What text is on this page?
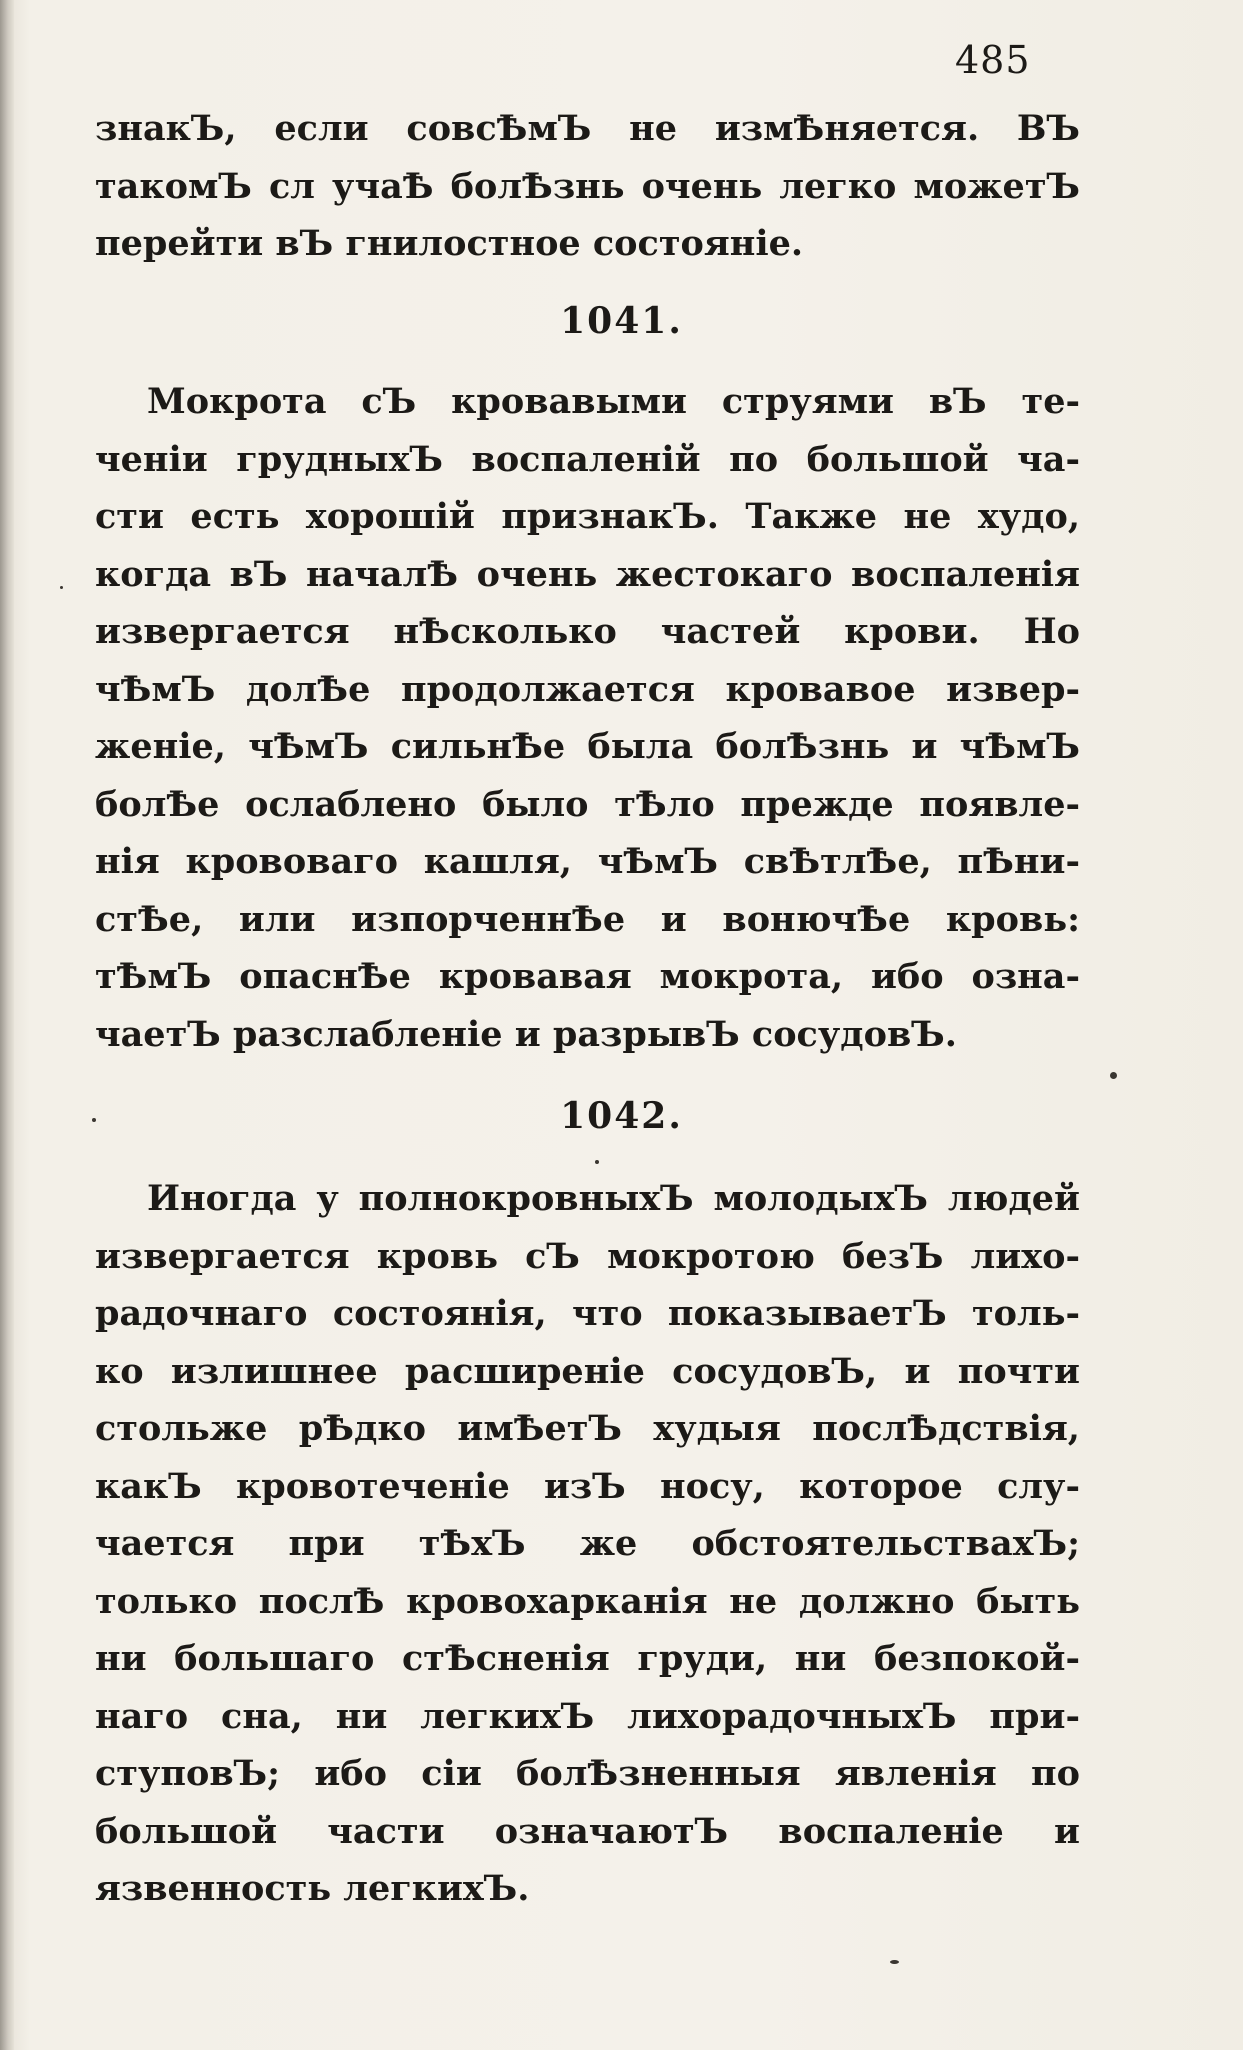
485
знакЪ, если совсѢмЪ не измѢняется. ВЪ
такомЪ сл учаѢ болѢзнь очень легко можетЪ
перейти вЪ гнилостное состояніе.
1041.
Мокрота сЪ кровавыми струями вЪ те-
ченіи грудныхЪ воспаленій по большой ча-
сти есть хорошій признакЪ. Также не худо,
когда вЪ началѢ очень жестокаго воспаленія
извергается нѢсколько частей крови. Но
чѢмЪ долѢе продолжается кровавое извер-
женіе, чѢмЪ сильнѢе была болѢзнь и чѢмЪ
болѢе ослаблено было тѢло прежде появле-
нія крововаго кашля, чѢмЪ свѢтлѢе, пѢни-
стѢе, или изпорченнѢе и вонючѢе кровь:
тѢмЪ опаснѢе кровавая мокрота, ибо озна-
чаетЪ разслабленіе и разрывЪ сосудовЪ.
1042.
Иногда у полнокровныхЪ молодыхЪ людей
извергается кровь сЪ мокротою безЪ лихо-
радочнаго состоянія, что показываетЪ толь-
ко излишнее расширеніе сосудовЪ, и почти
стольже рѢдко имѢетЪ худыя послѢдствія,
какЪ кровотеченіе изЪ носу, которое слу-
чается при тѢхЪ же обстоятельствахЪ;
только послѢ кровохарканія не должно быть
ни большаго стѢсненія груди, ни безпокой-
наго сна, ни легкихЪ лихорадочныхЪ при-
ступовЪ; ибо сіи болѢзненныя явленія по
большой части означаютЪ воспаленіе и
язвенность легкихЪ.
